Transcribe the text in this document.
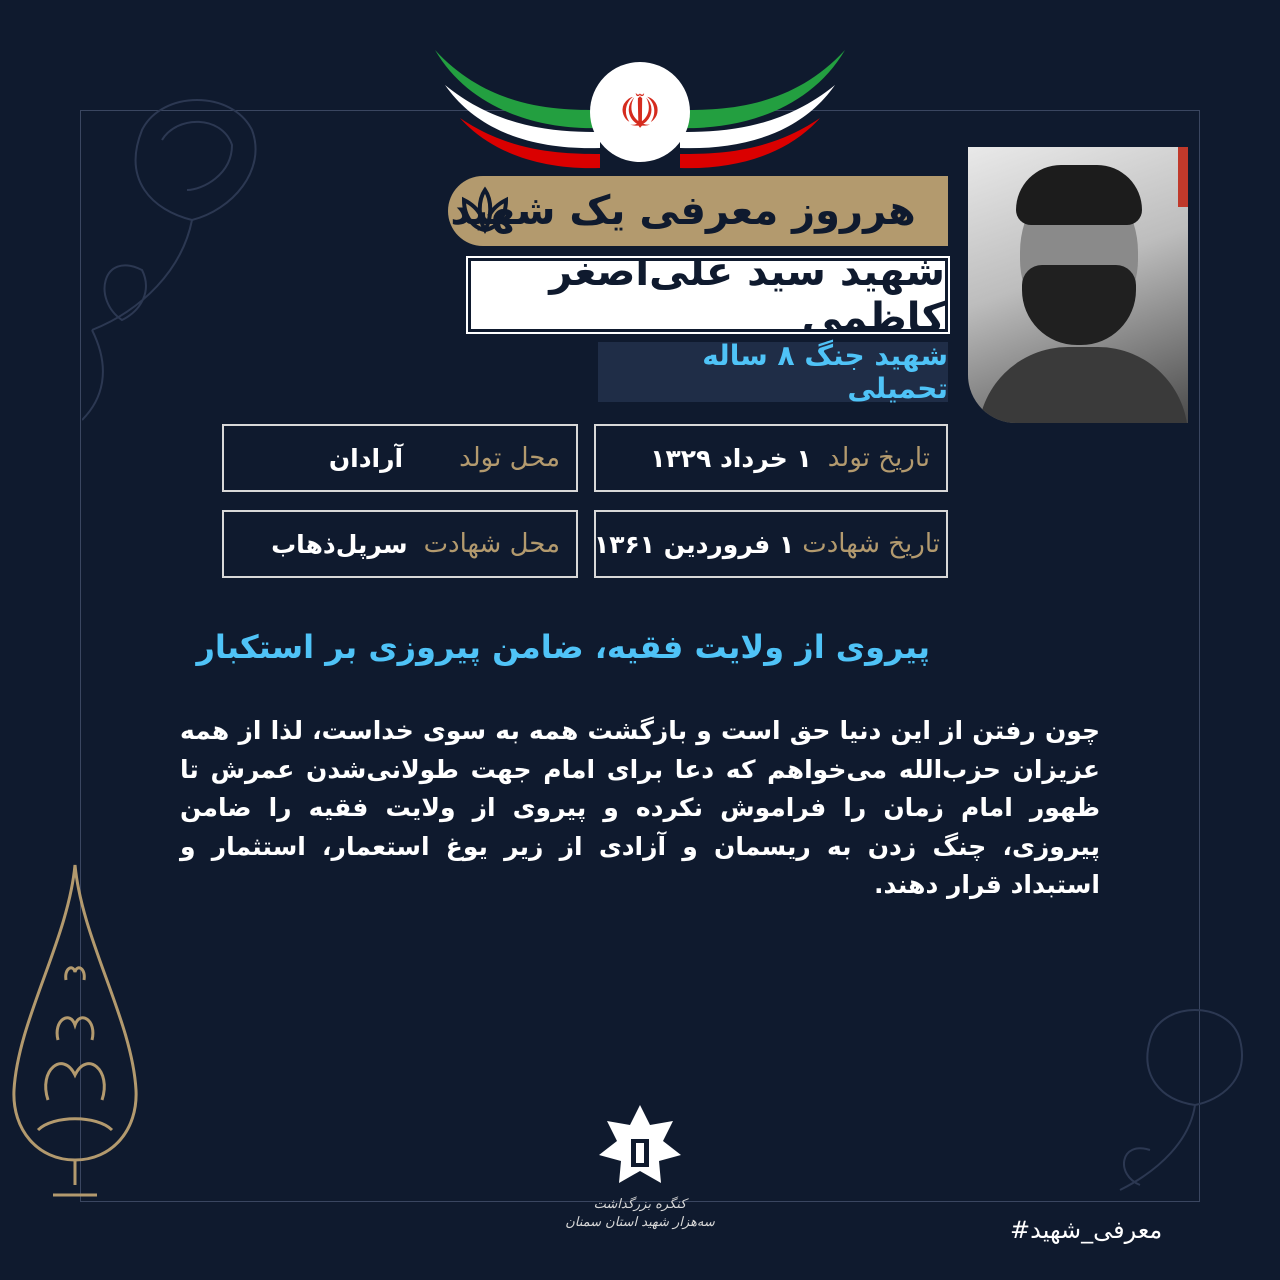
☫
هرروز معرفی یک شهید
شهید سید علی‌اصغر کاظمی
شهید جنگ ۸ ساله تحمیلی
تاریخ تولد
۱ خرداد ۱۳۲۹
محل تولد
آرادان
تاریخ شهادت
۱ فروردین ۱۳۶۱
محل شهادت
سرپل‌ذهاب
پیروی از ولایت فقیه، ضامن پیروزی بر استکبار
چون رفتن از این دنیا حق است و بازگشت همه به سوی خداست، لذا از همه عزیزان حزب‌الله می‌خواهم که دعا برای امام جهت طولانی‌شدن عمرش تا ظهور امام زمان را فراموش نکرده و پیروی از ولایت فقیه را ضامن پیروزی، چنگ زدن به ریسمان و آزادی از زیر یوغ استعمار، استثمار و استبداد قرار دهند.
کنگره بزرگداشت
سه‌هزار شهید استان سمنان	#معرفی_شهید
